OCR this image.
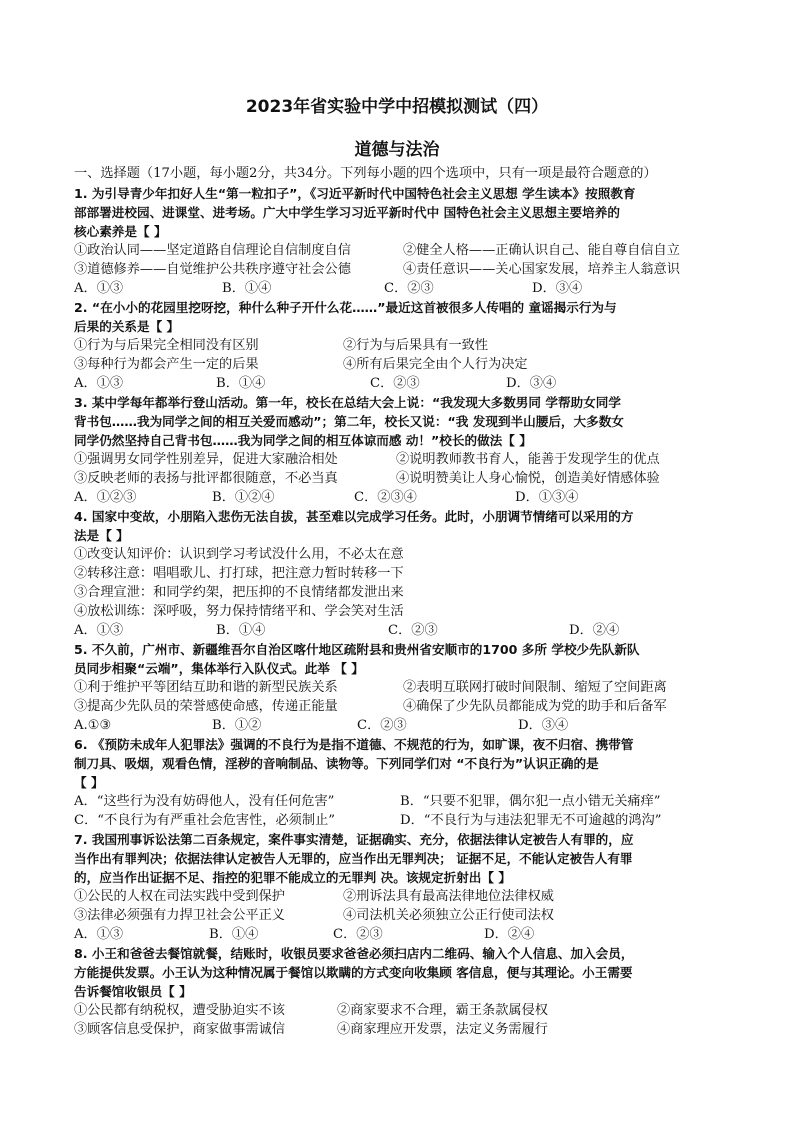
2023年省实验中学中招模拟测试（四）
道德与法治
一、选择题（17小题，每小题2分，共34分。下列每小题的四个选项中，只有一项是最符合题意的）
1. 为引导青少年扣好人生“第一粒扣子”，《习近平新时代中国特色社会主义思想 学生读本》按照教育
部部署进校园、进课堂、进考场。广大中学生学习习近平新时代中 国特色社会主义思想主要培养的
核心素养是【 】
①政治认同——坚定道路自信理论自信制度自信	②健全人格——正确认识自己、能自尊自信自立
③道德修养——自觉维护公共秩序遵守社会公德	④责任意识——关心国家发展，培养主人翁意识
A．①③	B．①④	C．②③	D．③④
2. “在小小的花园里挖呀挖，种什么种子开什么花……”最近这首被很多人传唱的 童谣揭示行为与
后果的关系是【 】
①行为与后果完全相同没有区别	②行为与后果具有一致性
③每种行为都会产生一定的后果	④所有后果完全由个人行为决定
A．①③	B．①④	C．②③	D．③④
3. 某中学每年都举行登山活动。第一年，校长在总结大会上说：“我发现大多数男同 学帮助女同学
背书包……我为同学之间的相互关爱而感动”；第二年，校长又说：“我 发现到半山腰后，大多数女
同学仍然坚持自己背书包……我为同学之间的相互体谅而感 动！”校长的做法【 】
①强调男女同学性别差异，促进大家融洽相处	②说明教师教书育人，能善于发现学生的优点
③反映老师的表扬与批评都很随意，不必当真	④说明赞美让人身心愉悦，创造美好情感体验
A．①②③	B．①②④	C．②③④	D．①③④
4. 国家中变故，小朋陷入悲伤无法自拔，甚至难以完成学习任务。此时，小朋调节情绪可以采用的方
法是【 】
①改变认知评价：认识到学习考试没什么用，不必太在意
②转移注意：唱唱歌儿、打打球，把注意力暂时转移一下
③合理宣泄：和同学约架，把压抑的不良情绪都发泄出来
④放松训练：深呼吸，努力保持情绪平和、学会笑对生活
A．①③	B．①④	C．②③	D．②④
5. 不久前，广州市、新疆维吾尔自治区喀什地区疏附县和贵州省安顺市的1700 多所 学校少先队新队
员同步相聚“云端”，集体举行入队仪式。此举 【 】
①利于维护平等团结互助和谐的新型民族关系	②表明互联网打破时间限制、缩短了空间距离
③提高少先队员的荣誉感使命感，传递正能量	④确保了少先队员都能成为党的助手和后备军
A.①③	B．①②	C．②③	D．③④
6. 《预防未成年人犯罪法》强调的不良行为是指不道德、不规范的行为，如旷课，夜不归宿、携带管
制刀具、吸烟，观看色情，淫秽的音响制品、读物等。下列同学们对 “不良行为”认识正确的是
【 】
A．“这些行为没有妨碍他人，没有任何危害”	B．“只要不犯罪，偶尔犯一点小错无关痛痒”
C．“不良行为有严重社会危害性，必须制止”	D．“不良行为与违法犯罪无不可逾越的鸿沟”
7. 我国刑事诉讼法第二百条规定，案件事实清楚，证据确实、充分，依据法律认定被告人有罪的，应
当作出有罪判决；依据法律认定被告人无罪的，应当作出无罪判决； 证据不足，不能认定被告人有罪
的，应当作出证据不足、指控的犯罪不能成立的无罪判 决。该规定折射出【 】
①公民的人权在司法实践中受到保护	②刑诉法具有最高法律地位法律权威
③法律必须强有力捍卫社会公平正义	④司法机关必须独立公正行使司法权
A．①③	B．①④	C．②③	D．②④
8. 小王和爸爸去餐馆就餐，结账时，收银员要求爸爸必须扫店内二维码、输入个人信息、加入会员，
方能提供发票。小王认为这种情况属于餐馆以欺瞒的方式变向收集顾 客信息，便与其理论。小王需要
告诉餐馆收银员【 】
①公民都有纳税权，遭受胁迫实不该	②商家要求不合理，霸王条款属侵权
③顾客信息受保护，商家做事需诚信	④商家理应开发票，法定义务需履行
